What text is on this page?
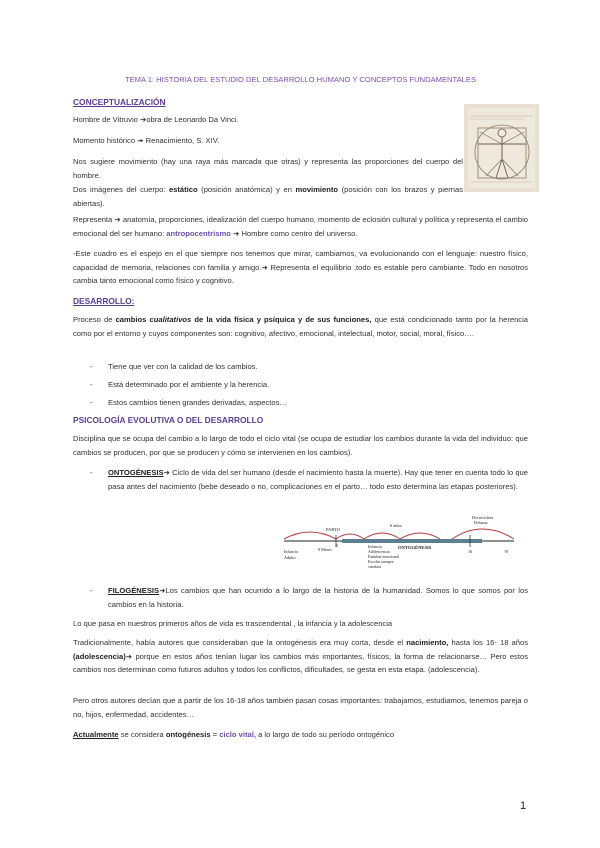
TEMA 1: HISTORIA DEL ESTUDIO DEL DESARROLLO HUMANO Y CONCEPTOS FUNDAMENTALES
CONCEPTUALIZACIÓN

Hombre de Vitruvio ➔obra de Leonardo Da Vinci.

Momento histórico ➟ Renacimiento, S. XIV.

Nos sugiere movimiento (hay una raya más marcada que otras) y representa las proporciones del cuerpo del hombre.

Dos imágenes del cuerpo: estático (posición anatómica) y en movimiento (posición con los brazos y piernas abiertas).

Representa ➜ anatomía, proporciones, idealización del cuerpo humano, momento de eclosión cultural y política y representa el cambio emocional del ser humano: antropocentrismo ➜ Hombre como centro del universo.

-Este cuadro es el espejo en el que siempre nos tenemos que mirar, cambiamos, va evolucionando con el lenguaje: nuestro físico, capacidad de memoria, relaciones con familia y amigo.➜ Representa el equilibrio ,todo es estable pero cambiante. Todo en nosotros cambia tanto emocional como físico y cognitivo.

DESARROLLO:

Proceso de cambios cualitativos de la vida física y psíquica y de sus funciones, que está condicionado tanto por la herencia como por el entorno y cuyos componentes son: cognitivo, afectivo, emocional, intelectual, motor, social, moral, físico….

- Tiene que ver con la calidad de los cambios.
- Está determinado por el ambiente y la herencia.
- Estos cambios tienen grandes derivadas, aspectos…
PSICOLOGÍA EVOLUTIVA O DEL DESARROLLO

Disciplina que se ocupa del cambio a lo largo de todo el ciclo vital (se ocupa de estudiar los cambios durante la vida del individuo: que cambios se producen, por que se producen y cómo se intervienen en los cambios).

- ONTOGÉNESIS➜ Ciclo de vida del ser humano (desde el nacimiento hasta la muerte). Hay que tener en cuenta todo lo que pasa antes del nacimiento (bebe deseado o no, complicaciones en el parto… todo esto determina las etapas posteriores).
PARTO
6 años
Decrecisfera
Defunta
Infancia
Adulto
9 Meses
0	Infancia
Adolescencia
Familiar emocional
Escolar siempre
cambios
ONTOGÉNESIS
16	?0
- FILOGÉNESIS➜Los cambios que han ocurrido a lo largo de la historia de la humanidad. Somos lo que somos por los cambios en la historia.

Lo que pasa en nuestros primeros años de vida es trascendental , la infancia y la adolescencia

Tradicionalmente, había autores que consideraban que la ontogénesis era muy corta, desde el nacimiento, hasta los 16- 18 años (adolescencia)➜ porque en estos años tenían lugar los cambios más importantes, físicos, la forma de relacionarse… Pero estos cambios nos determinan como futuros adultos y todos los conflictos, dificultades, se gesta en esta etapa. (adolescencia).

Pero otros autores decían que a partir de los 16-18 años también pasan cosas importantes: trabajamos, estudiamos, tenemos pareja o no, hijos, enfermedad, accidentes…

Actualmente se considera ontogénesis = ciclo vital, a lo largo de todo su período ontogénico

1
